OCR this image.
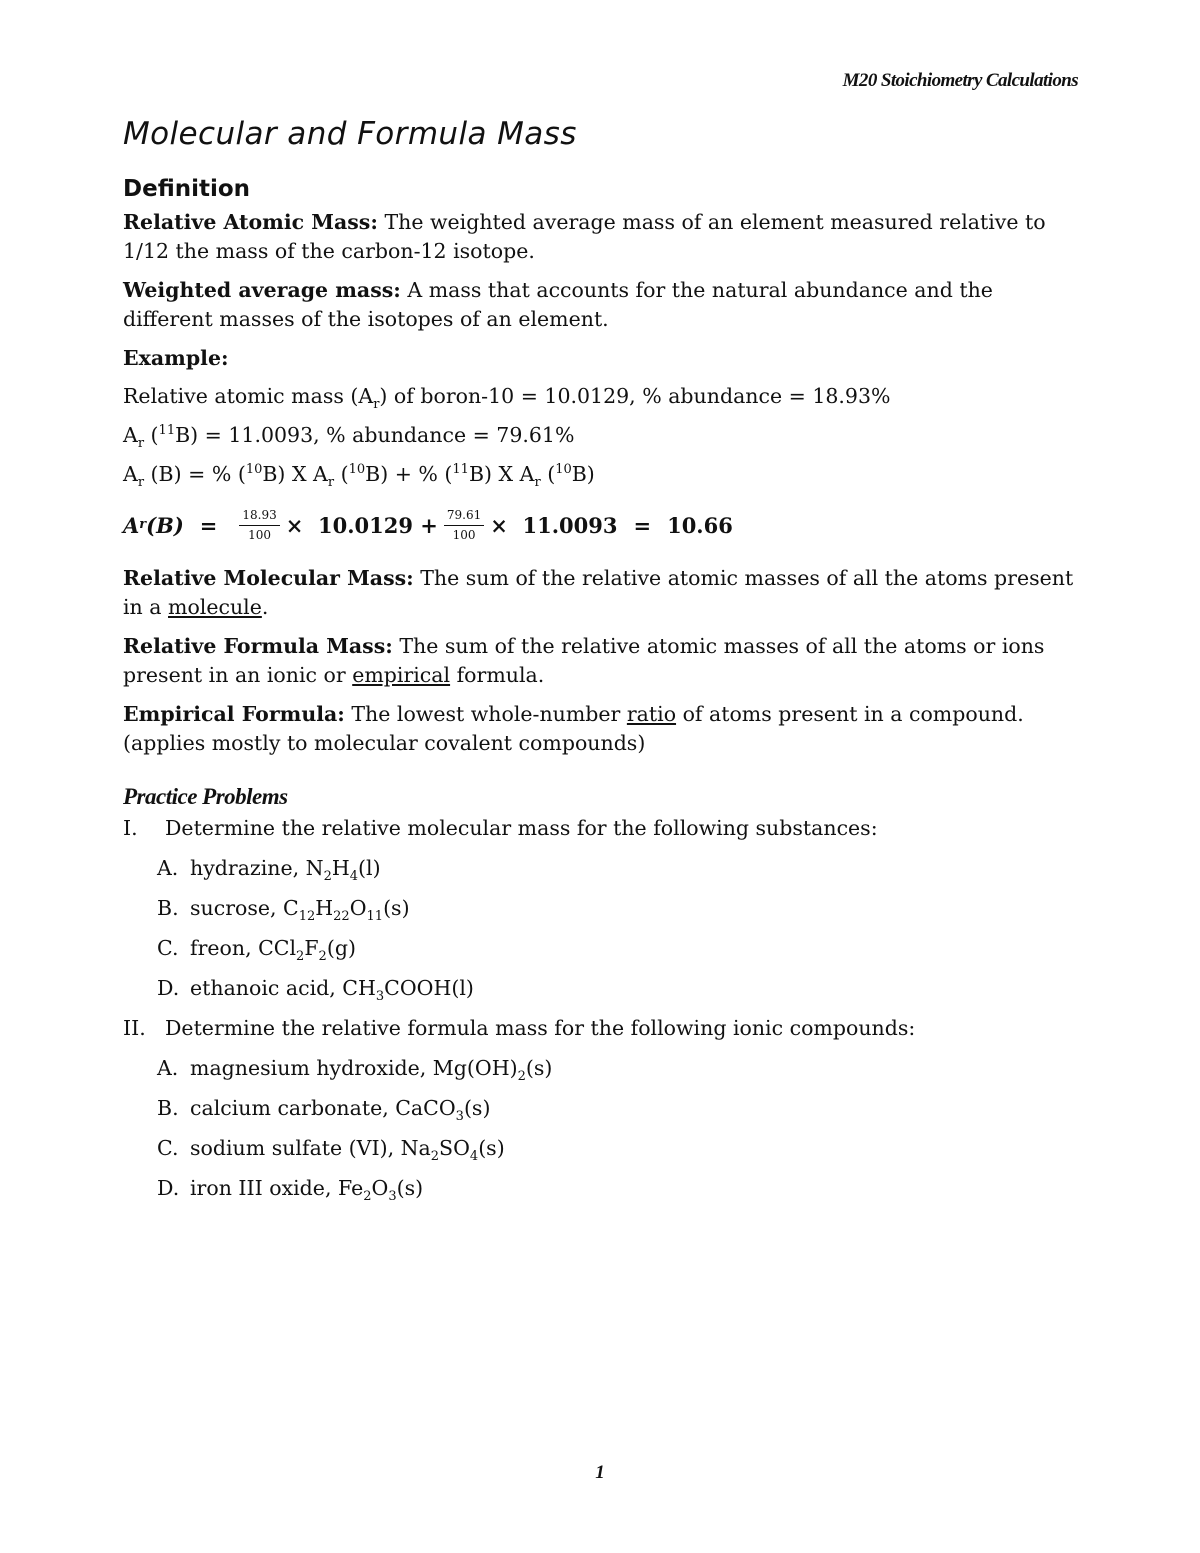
M20 Stoichiometry Calculations
Molecular and Formula Mass
Definition

Relative Atomic Mass: The weighted average mass of an element measured relative to 1/12 the mass of the carbon-12 isotope.

Weighted average mass: A mass that accounts for the natural abundance and the different masses of the isotopes of an element.

Example:

Relative atomic mass $(A_r)$ of boron-10 = 10.0129, % abundance = 18.93%

$A_r$ ($^{11}$B) = 11.0093, % abundance = 79.61%

$A_r$ (B) = % ($^{10}$B) X $A_r$ ($^{10}$B) + % ($^{11}$B) X $A_r$ ($^{10}$B)

A r $(B) = \frac{18.93}{100}$ ×
10.0129
+ $\frac{79.61}{100}$ ×
11.0093 = 10.66

Relative Molecular Mass: The sum of the relative atomic masses of all the atoms present in a molecule.

Relative Formula Mass: The sum of the relative atomic masses of all the atoms or ions present in an ionic or empirical formula.

Empirical Formula: The lowest whole-number ratio of atoms present in a compound. (applies mostly to molecular covalent compounds)

Practice Problems
I.	Determine the relative molecular mass for the following substances:
A. hydrazine, $N_2H_4(l)$
B. sucrose, $C_{12}H_{22}O_{11}(s)$
C. freon, $CCl_2F_2(g)$
D. ethanoic acid, $CH_3COOH(l)$
II. Determine the relative formula mass for the following ionic compounds:
A. magnesium hydroxide, $Mg(OH)_2(s)$
B. calcium carbonate, CaCO$_3$(s)
C. sodium sulfate (VI), $Na_2SO_4(s)$
D. iron III oxide, $Fe_2O_3(s)$
1
